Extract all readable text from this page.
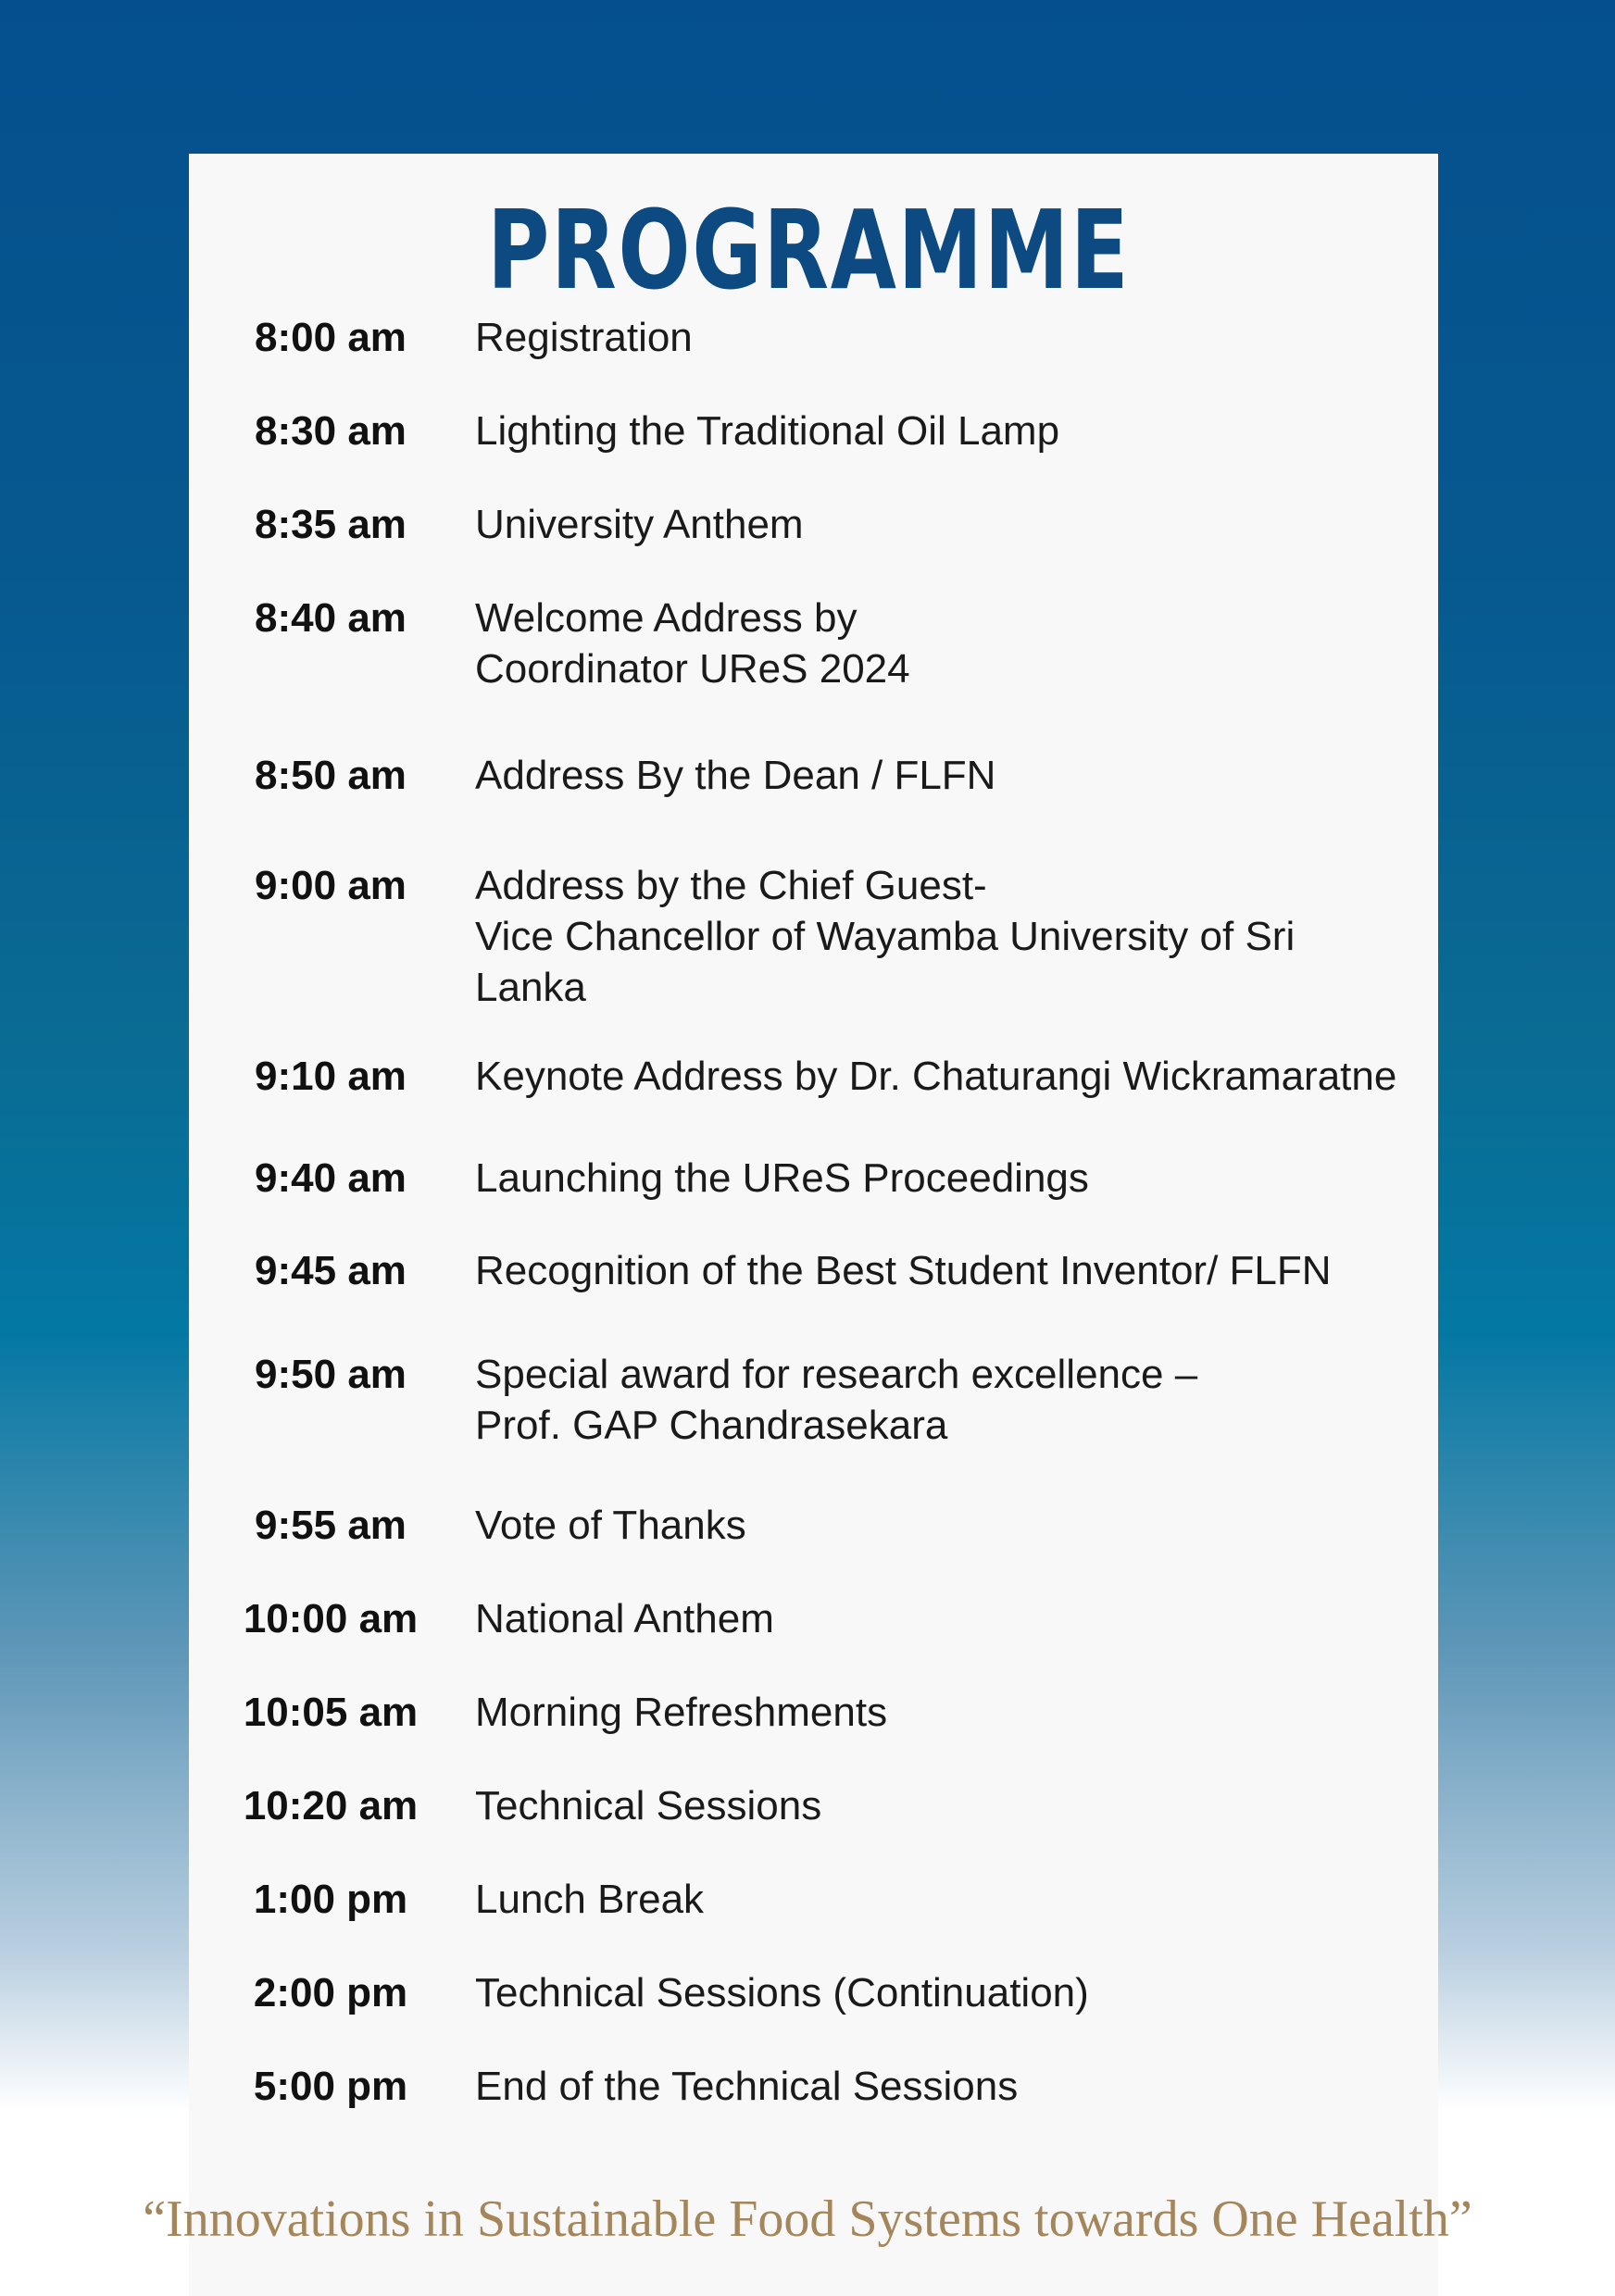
PROGRAMME
8:00 am	Registration
8:30 am	Lighting the Traditional Oil Lamp
8:35 am	University Anthem
8:40 am	Welcome Address by
Coordinator UReS 2024
8:50 am	Address By the Dean / FLFN
9:00 am	Address by the Chief Guest-
Vice Chancellor of Wayamba University of Sri
Lanka
9:10 am	Keynote Address by Dr. Chaturangi Wickramaratne
9:40 am	Launching the UReS Proceedings
9:45 am	Recognition of the Best Student Inventor/ FLFN
9:50 am	Special award for research excellence –
Prof. GAP Chandrasekara
9:55 am	Vote of Thanks
10:00 am	National Anthem
10:05 am	Morning Refreshments
10:20 am	Technical Sessions
1:00 pm	Lunch Break
2:00 pm	Technical Sessions (Continuation)
5:00 pm	End of the Technical Sessions
“Innovations in Sustainable Food Systems towards One Health”
